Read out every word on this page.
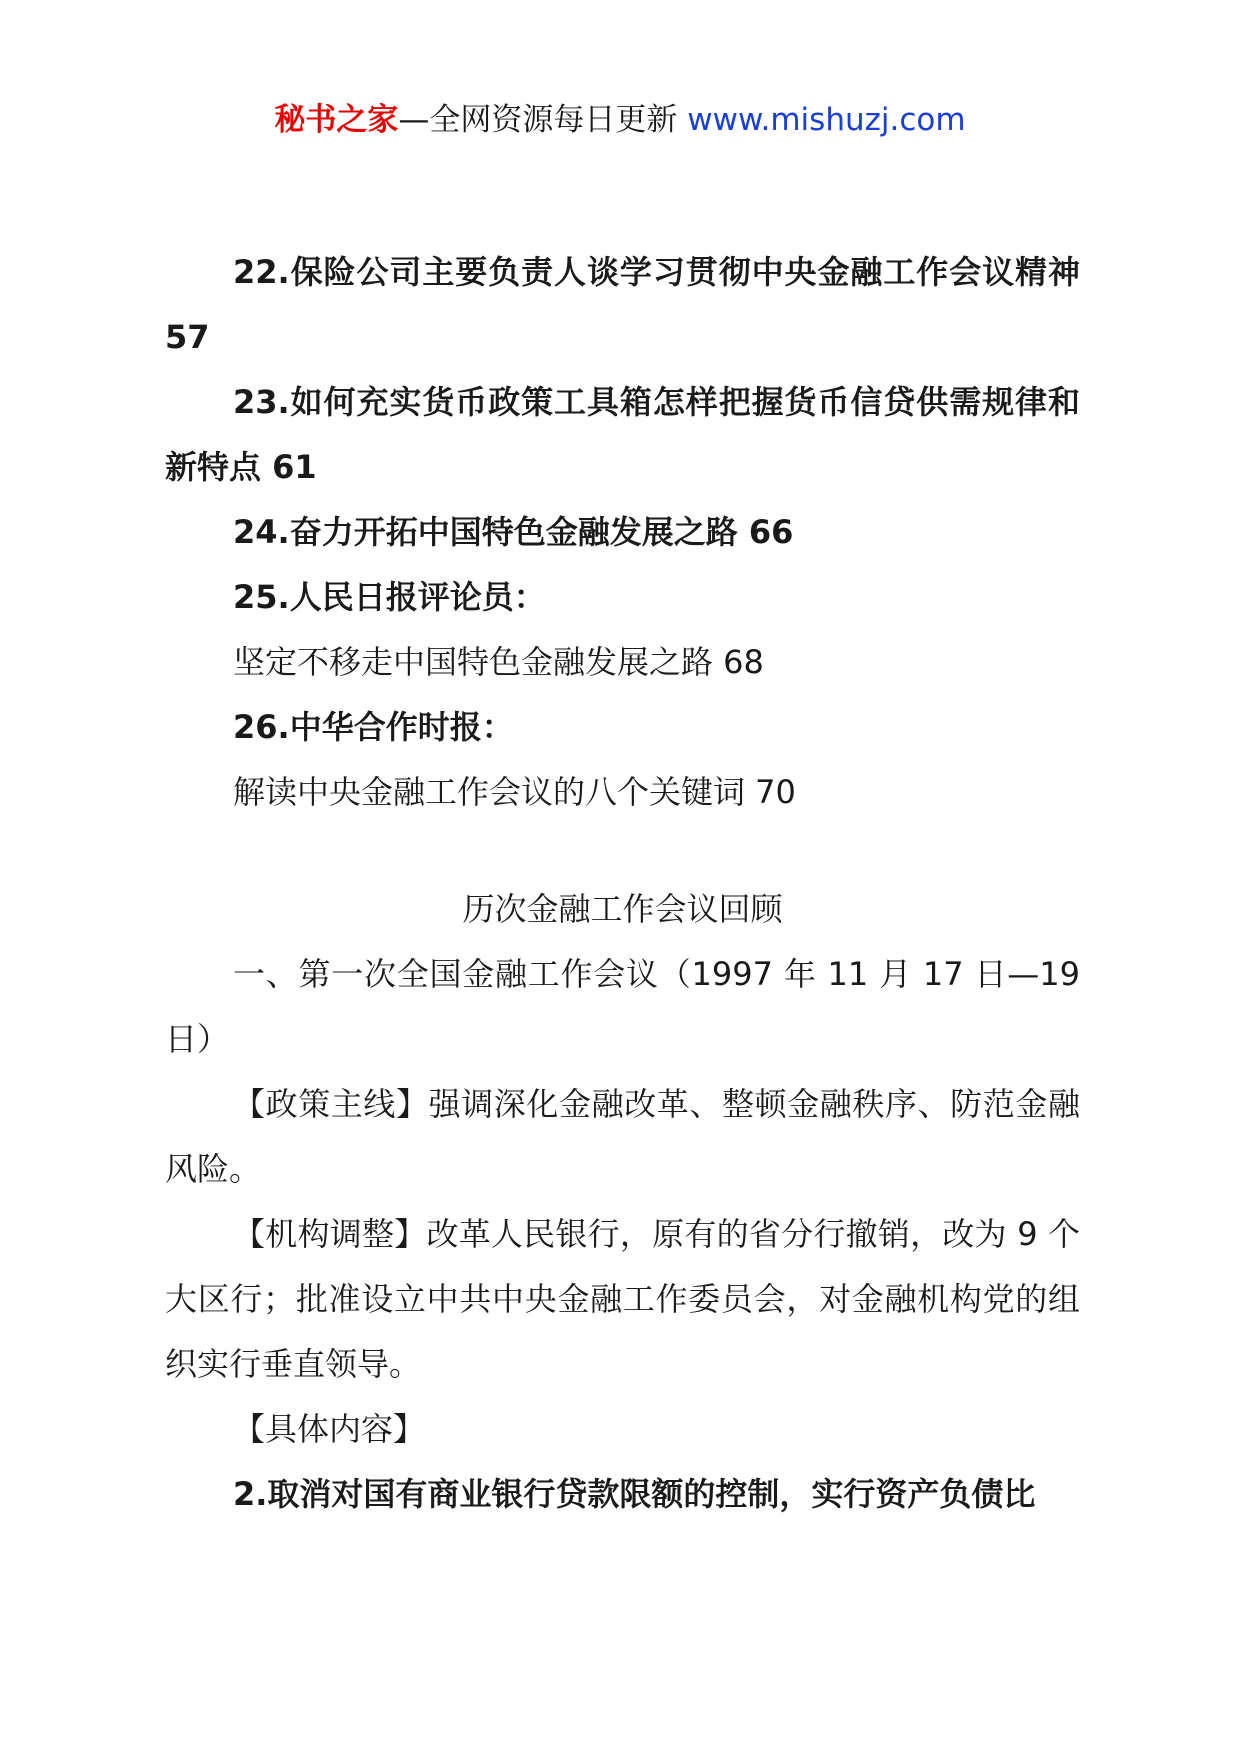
秘书之家—全网资源每日更新 www.mishuzj.com

22.保险公司主要负责人谈学习贯彻中央金融工作会议精神 57

23.如何充实货币政策工具箱怎样把握货币信贷供需规律和新特点 61

24.奋力开拓中国特色金融发展之路 66

25.人民日报评论员：

坚定不移走中国特色金融发展之路 68

26.中华合作时报：

解读中央金融工作会议的八个关键词 70

历次金融工作会议回顾

一、第一次全国金融工作会议（1997 年 11 月 17 日—19 日）

【政策主线】强调深化金融改革、整顿金融秩序、防范金融风险。

【机构调整】改革人民银行，原有的省分行撤销，改为 9 个大区行；批准设立中共中央金融工作委员会，对金融机构党的组织实行垂直领导。

【具体内容】

2.取消对国有商业银行贷款限额的控制，实行资产负债比
